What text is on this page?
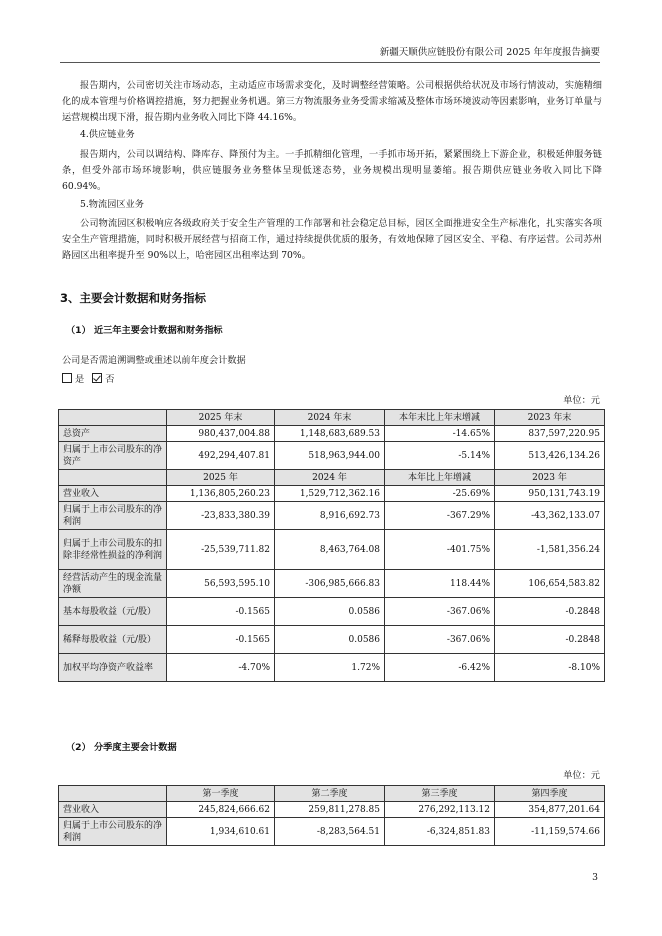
新疆天顺供应链股份有限公司 2025 年年度报告摘要

报告期内，公司密切关注市场动态，主动适应市场需求变化，及时调整经营策略。公司根据供给状况及市场行情波动，实施精细化的成本管理与价格调控措施，努力把握业务机遇。第三方物流服务业务受需求缩减及整体市场环境波动等因素影响，业务订单量与运营规模出现下滑，报告期内业务收入同比下降 44.16%。

4.供应链业务

报告期内，公司以调结构、降库存、降预付为主。一手抓精细化管理，一手抓市场开拓，紧紧围绕上下游企业，积极延伸服务链条，但受外部市场环境影响，供应链服务业务整体呈现低迷态势，业务规模出现明显萎缩。报告期供应链业务收入同比下降 60.94%。

5.物流园区业务

公司物流园区积极响应各级政府关于安全生产管理的工作部署和社会稳定总目标，园区全面推进安全生产标准化，扎实落实各项安全生产管理措施，同时积极开展经营与招商工作，通过持续提供优质的服务，有效地保障了园区安全、平稳、有序运营。公司苏州路园区出租率提升至 90%以上，哈密园区出租率达到 70%。

3、主要会计数据和财务指标

（1） 近三年主要会计数据和财务指标

公司是否需追溯调整或重述以前年度会计数据

是 否

单位：元

	2025 年末	2024 年末	本年末比上年末增减	2023 年末
总资产	980,437,004.88	1,148,683,689.53	-14.65%	837,597,220.95
归属于上市公司股东的净资产	492,294,407.81	518,963,944.00	-5.14%	513,426,134.26
	2025 年	2024 年	本年比上年增减	2023 年
营业收入	1,136,805,260.23	1,529,712,362.16	-25.69%	950,131,743.19
归属于上市公司股东的净利润	-23,833,380.39	8,916,692.73	-367.29%	-43,362,133.07
归属于上市公司股东的扣除非经常性损益的净利润	-25,539,711.82	8,463,764.08	-401.75%	-1,581,356.24
经营活动产生的现金流量净额	56,593,595.10	-306,985,666.83	118.44%	106,654,583.82
基本每股收益（元/股）	-0.1565	0.0586	-367.06%	-0.2848
稀释每股收益（元/股）	-0.1565	0.0586	-367.06%	-0.2848
加权平均净资产收益率	-4.70%	1.72%	-6.42%	-8.10%

（2） 分季度主要会计数据

单位：元

	第一季度	第二季度	第三季度	第四季度
营业收入	245,824,666.62	259,811,278.85	276,292,113.12	354,877,201.64
归属于上市公司股东的净利润	1,934,610.61	-8,283,564.51	-6,324,851.83	-11,159,574.66

3
